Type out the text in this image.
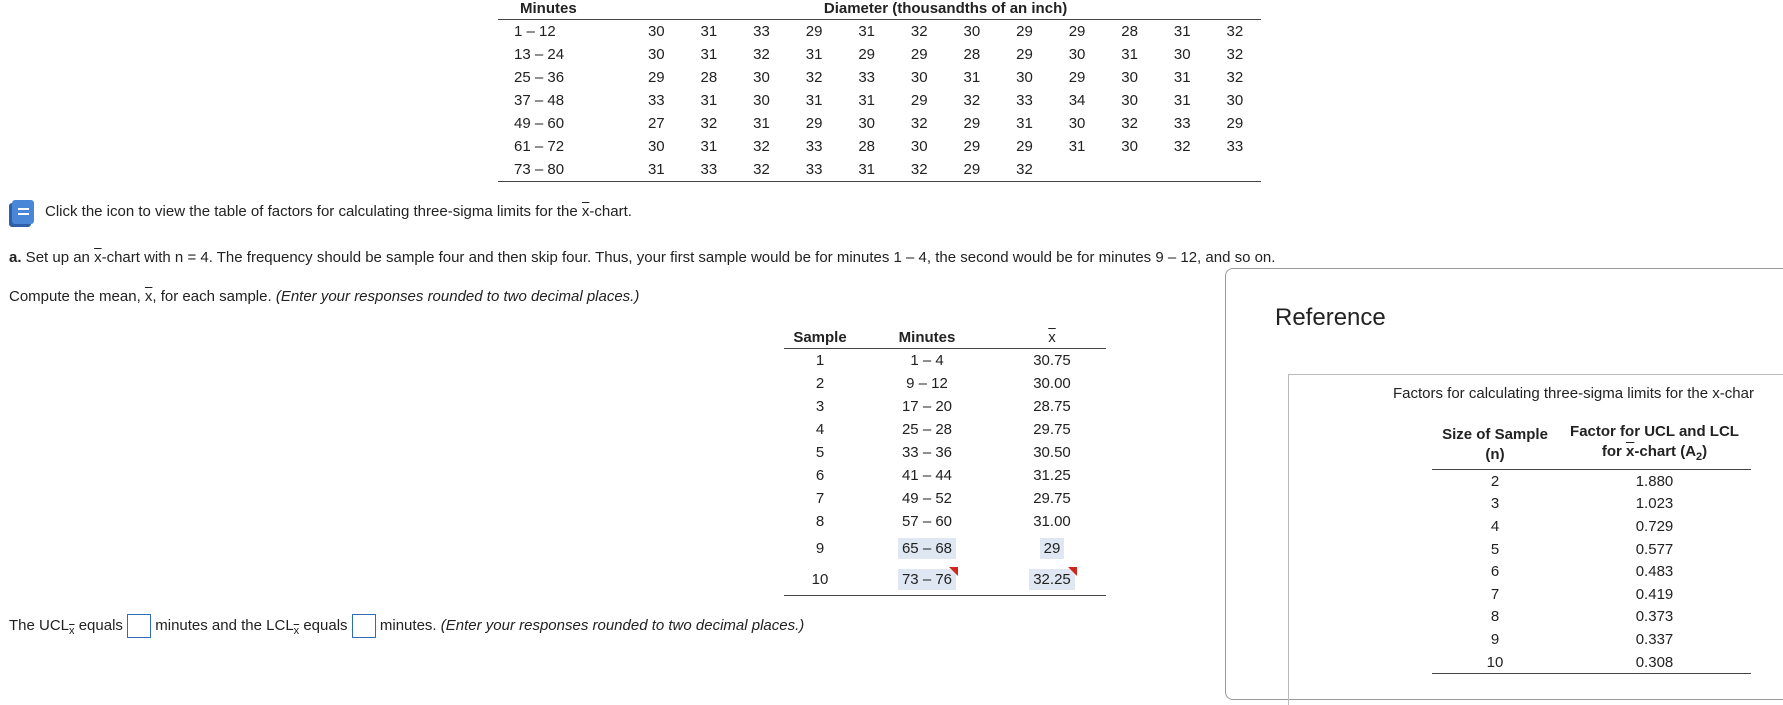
Minutes	Diameter (thousandths of an inch)											
1 – 12	30	31	33	29	31	32	30	29	29	28	31	32
13 – 24	30	31	32	31	29	29	28	29	30	31	30	32
25 – 36	29	28	30	32	33	30	31	30	29	30	31	32
37 – 48	33	31	30	31	31	29	32	33	34	30	31	30
49 – 60	27	32	31	29	30	32	29	31	30	32	33	29
61 – 72	30	31	32	33	28	30	29	29	31	30	32	33
73 – 80	31	33	32	33	31	32	29	32				
Click the icon to view the table of factors for calculating three-sigma limits for the $\overline{x}$-chart.
a. Set up an $\overline{x}$-chart with n = 4. The frequency should be sample four and then skip four. Thus, your first sample would be for minutes 1 – 4, the second would be for minutes 9 – 12, and so on.
Compute the mean, $\overline{x}$, for each sample. (Enter your responses rounded to two decimal places.)
Sample	Minutes	$\overline{x}$
1	1 – 4	30.75
2	9 – 12	30.00
3	17 – 20	28.75
4	25 – 28	29.75
5	33 – 36	30.50
6	41 – 44	31.25
7	49 – 52	29.75
8	57 – 60	31.00
9	65 – 68	29
10	73 – 76	32.25
The $UCL_{\overline{x}}$ equals  minutes and the $LCL_{\overline{x}}$ equals  minutes. (Enter your responses rounded to two decimal places.)
Reference
Factors for calculating three-sigma limits for the x-char
Size of Sample
(n)	Factor for UCL and LCL
for $\overline{x}$-chart $(A_2)$
2	1.880
3	1.023
4	0.729
5	0.577
6	0.483
7	0.419
8	0.373
9	0.337
10	0.308
